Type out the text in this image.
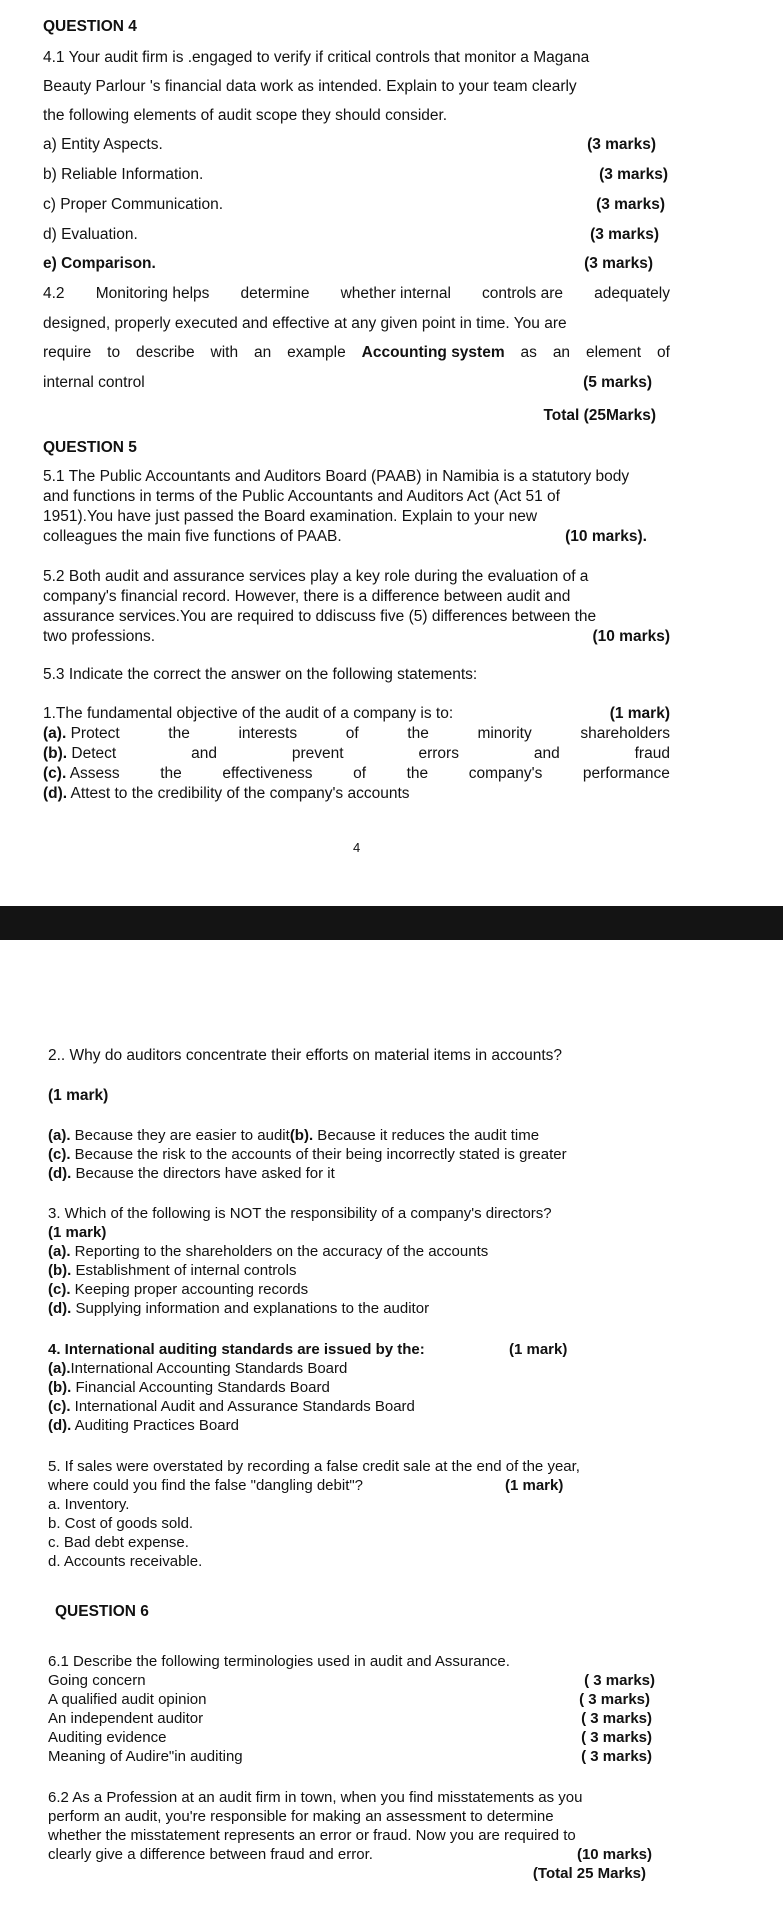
QUESTION 4
4.1 Your audit firm is .engaged to verify if critical controls that monitor a Magana
Beauty Parlour 's financial data work as intended. Explain to your team clearly
the following elements of audit scope they should consider.
a) Entity Aspects.	(3 marks)
b) Reliable Information.	(3 marks)
c) Proper Communication.	(3 marks)
d) Evaluation.	(3 marks)
e) Comparison.	(3 marks)
4.2 Monitoring helps determine whether internal controls are adequately
designed, properly executed and effective at any given point in time. You are
require to describe with an example Accounting system as an element of
internal control	(5 marks)
Total (25Marks)
QUESTION 5
5.1 The Public Accountants and Auditors Board (PAAB) in Namibia is a statutory body
and functions in terms of the Public Accountants and Auditors Act (Act 51 of
1951).You have just passed the Board examination. Explain to your new
colleagues the main five functions of PAAB.	(10 marks).
5.2 Both audit and assurance services play a key role during the evaluation of a
company's financial record. However, there is a difference between audit and
assurance services.You are required to ddiscuss five (5) differences between the
two professions.	(10 marks)
5.3 Indicate the correct the answer on the following statements:
1.The fundamental objective of the audit of a company is to:	(1 mark)
(a). Protect	the	interests	of	the	minority	shareholders
(b). Detect	and	prevent	errors	and	fraud
(c). Assess	the	effectiveness	of	the	company's	performance
(d). Attest to the credibility of the company's accounts
4
2.. Why do auditors concentrate their efforts on material items in accounts?
(1 mark)
(a). Because they are easier to audit(b). Because it reduces the audit time
(c). Because the risk to the accounts of their being incorrectly stated is greater
(d). Because the directors have asked for it
3. Which of the following is NOT the responsibility of a company's directors?
(1 mark)
(a). Reporting to the shareholders on the accuracy of the accounts
(b). Establishment of internal controls
(c). Keeping proper accounting records
(d). Supplying information and explanations to the auditor
4. International auditing standards are issued by the:	(1 mark)
(a).International Accounting Standards Board
(b). Financial Accounting Standards Board
(c). International Audit and Assurance Standards Board
(d). Auditing Practices Board
5. If sales were overstated by recording a false credit sale at the end of the year,
where could you find the false "dangling debit"?	(1 mark)
a. Inventory.
b. Cost of goods sold.
c. Bad debt expense.
d. Accounts receivable.
QUESTION 6
6.1 Describe the following terminologies used in audit and Assurance.
Going concern	( 3 marks)
A qualified audit opinion	( 3 marks)
An independent auditor	( 3 marks)
Auditing evidence	( 3 marks)
Meaning of Audire"in auditing	( 3 marks)
6.2 As a Profession at an audit firm in town, when you find misstatements as you
perform an audit, you're responsible for making an assessment to determine
whether the misstatement represents an error or fraud. Now you are required to
clearly give a difference between fraud and error.	(10 marks)
(Total 25 Marks)
